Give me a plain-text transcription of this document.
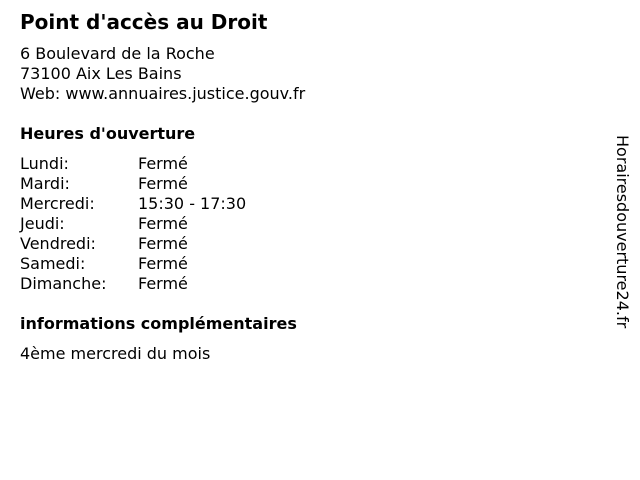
Point d'accès au Droit
6 Boulevard de la Roche
73100 Aix Les Bains
Web: www.annuaires.justice.gouv.fr
Heures d'ouverture
Lundi:	Fermé
Mardi:	Fermé
Mercredi:	15:30 - 17:30
Jeudi:	Fermé
Vendredi:	Fermé
Samedi:	Fermé
Dimanche: Fermé
informations complémentaires
4ème mercredi du mois
Horairesdouverture24.fr
